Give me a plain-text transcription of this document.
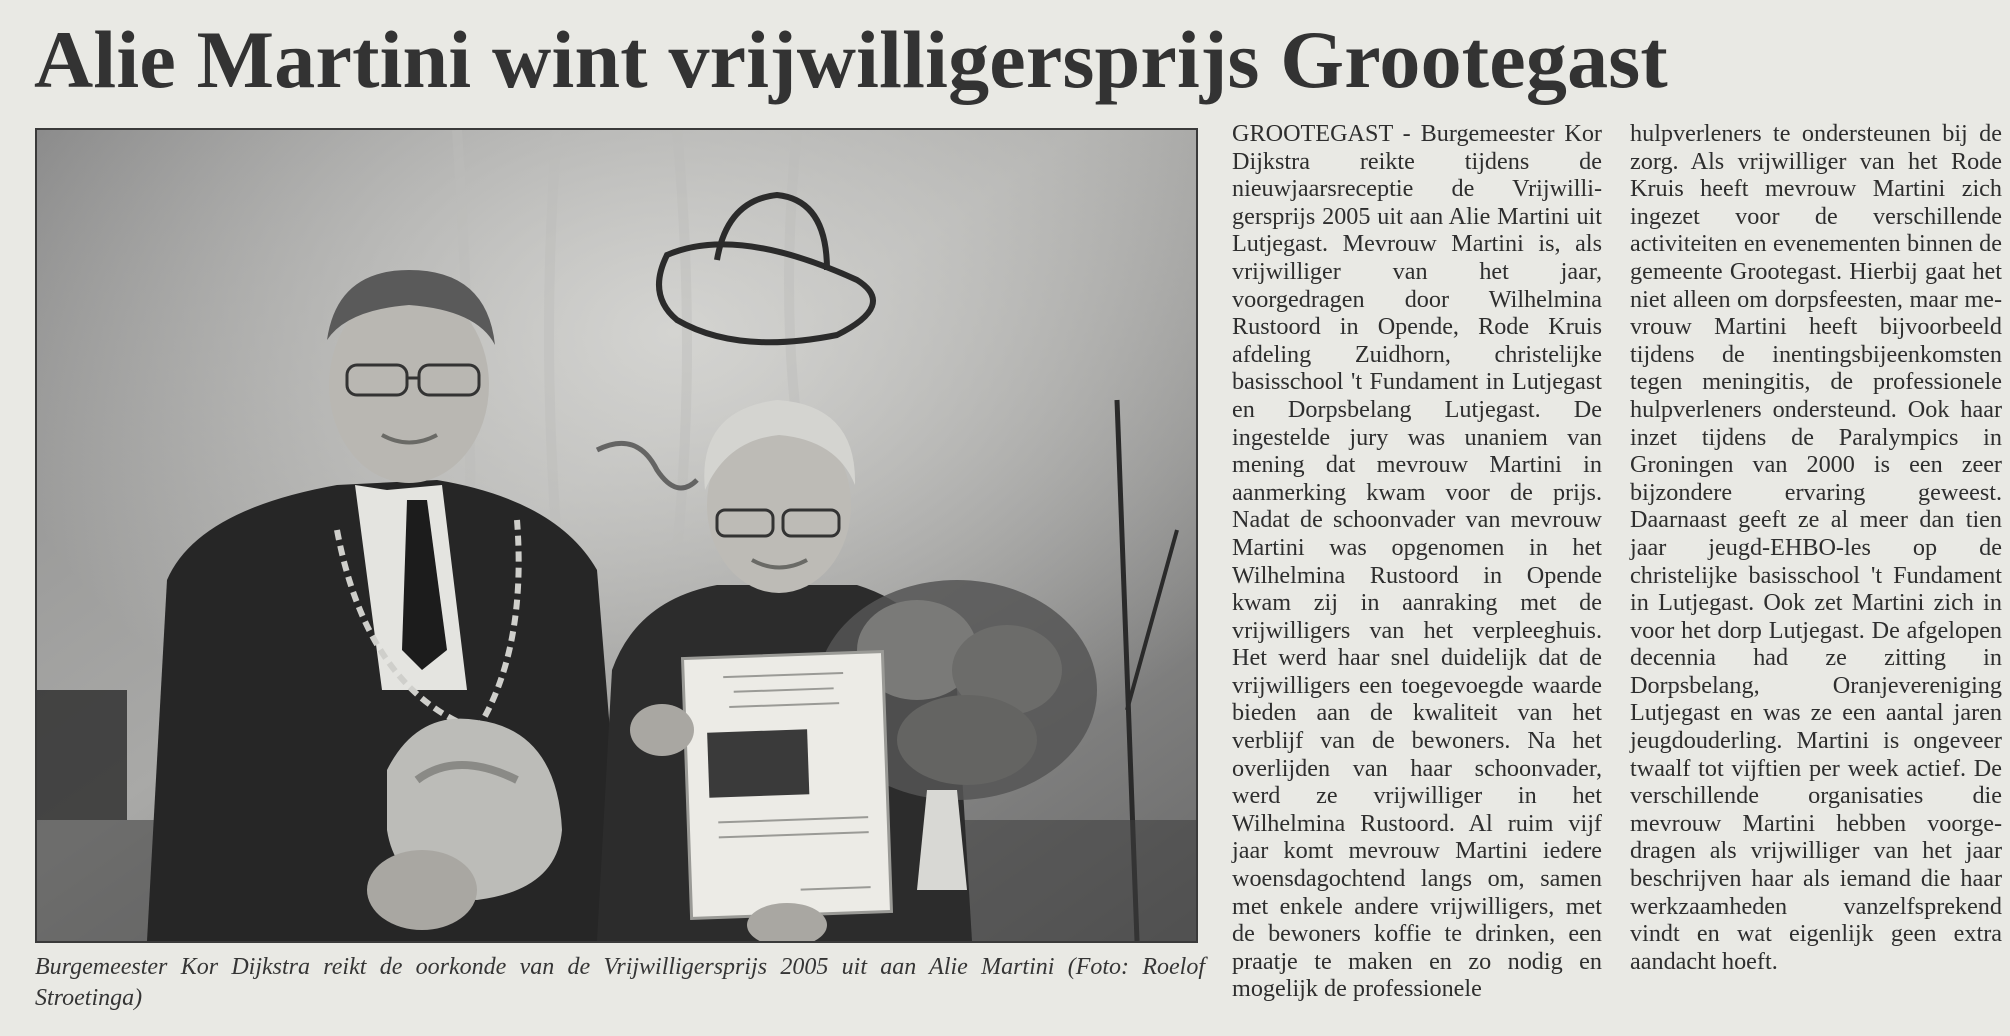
Alie Martini wint vrijwilligersprijs Grootegast

Burgemeester Kor Dijkstra reikt de oorkonde van de Vrijwilligersprijs 2005 uit aan Alie Martini (Foto: Roelof Stroetinga)

GROOTEGAST - Burgemeester Kor Dijkstra reikte tijdens de nieuwjaarsreceptie de Vrijwilligersprijs 2005 uit aan Alie Martini uit Lutjegast. Mevrouw Martini is, als vrijwilliger van het jaar, voorgedragen door Wilhelmina Rustoord in Opende, Rode Kruis afdeling Zuidhorn, christelijke basisschool 't Fundament in Lutjegast en Dorpsbelang Lutjegast. De ingestelde jury was unaniem van mening dat mevrouw Martini in aanmerking kwam voor de prijs. Nadat de schoonvader van mevrouw Martini was opgenomen in het Wilhelmina Rustoord in Opende kwam zij in aanraking met de vrijwilligers van het verpleeghuis. Het werd haar snel duidelijk dat de vrijwilligers een toegevoegde waarde bieden aan de kwaliteit van het verblijf van de bewoners. Na het overlijden van haar schoonvader, werd ze vrijwilliger in het Wilhelmina Rustoord. Al ruim vijf jaar komt mevrouw Martini iedere woensdagochtend langs om, samen met enkele andere vrijwilligers, met de bewoners koffie te drinken, een praatje te maken en zo nodig en mogelijk de professionele

hulpverleners te ondersteunen bij de zorg. Als vrijwilliger van het Rode Kruis heeft mevrouw Martini zich ingezet voor de verschillende activiteiten en evenementen binnen de gemeente Grootegast. Hierbij gaat het niet alleen om dorpsfeesten, maar mevrouw Martini heeft bijvoorbeeld tijdens de inentingsbijeenkomsten tegen meningitis, de professionele hulpverleners ondersteund. Ook haar inzet tijdens de Paralympics in Groningen van 2000 is een zeer bijzondere ervaring geweest. Daarnaast geeft ze al meer dan tien jaar jeugd-EHBO-les op de christelijke basisschool 't Fundament in Lutjegast. Ook zet Martini zich in voor het dorp Lutjegast. De afgelopen decennia had ze zitting in Dorpsbelang, Oranjevereniging Lutjegast en was ze een aantal jaren jeugdouderling. Martini is ongeveer twaalf tot vijftien per week actief. De verschillende organisaties die mevrouw Martini hebben voorgedragen als vrijwilliger van het jaar beschrijven haar als iemand die haar werkzaamheden vanzelfsprekend vindt en wat eigenlijk geen extra aandacht hoeft.
